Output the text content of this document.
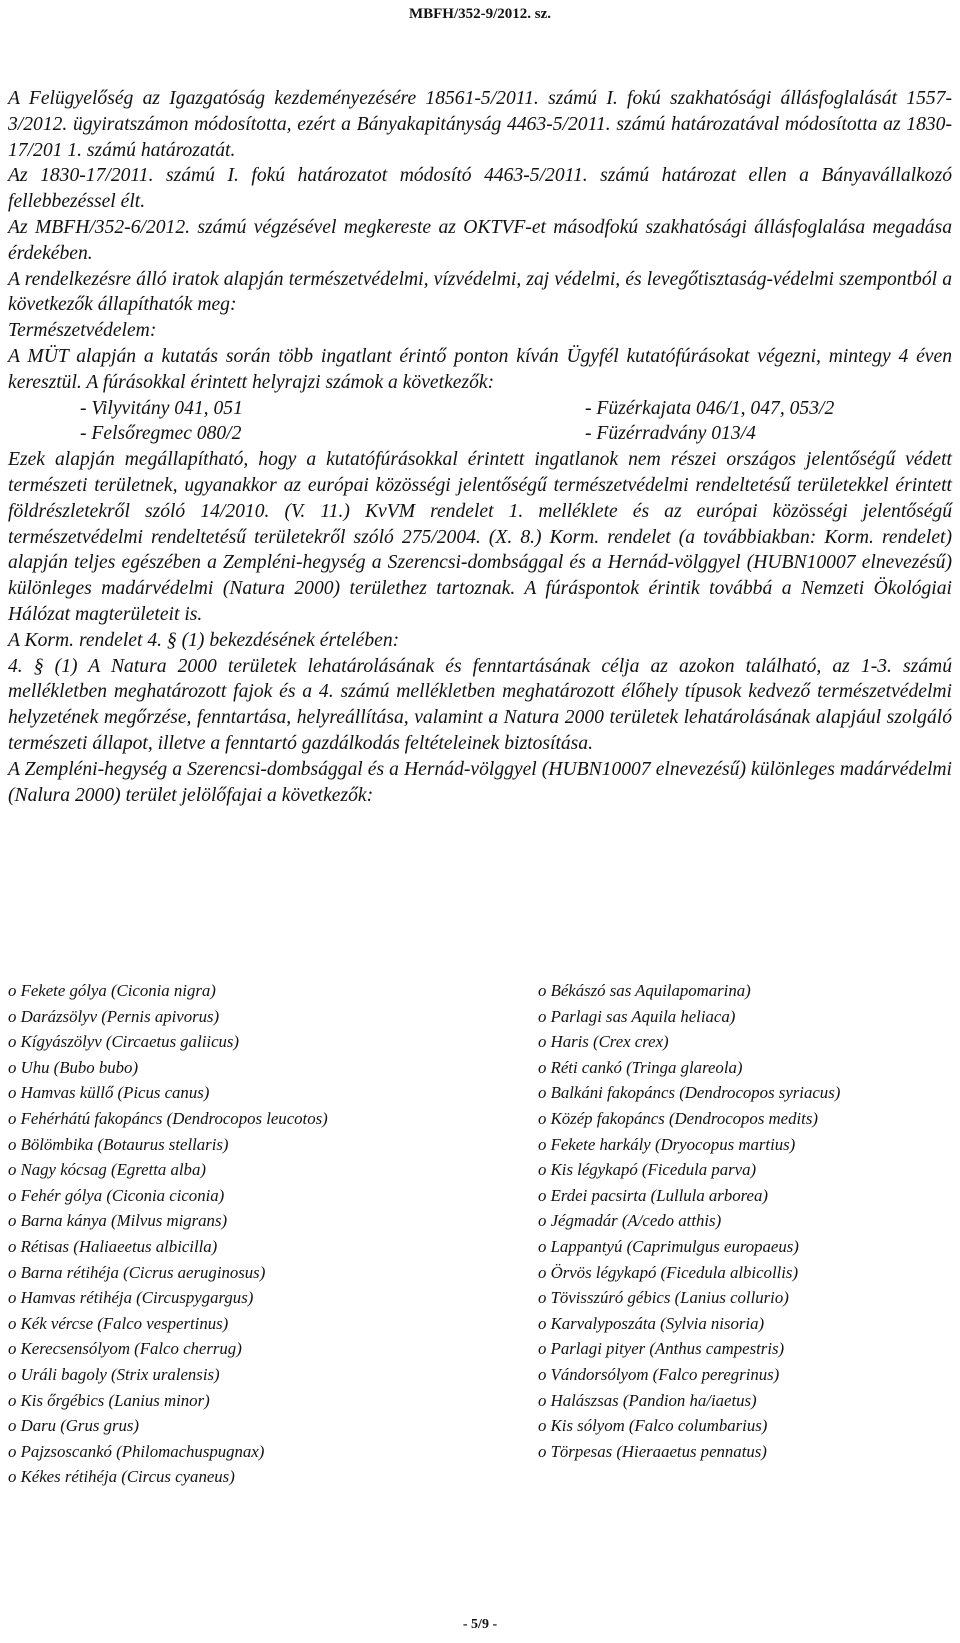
MBFH/352-9/2012. sz.

A Felügyelőség az Igazgatóság kezdeményezésére 18561-5/2011. számú I. fokú szakhatósági állásfoglalását 1557-3/2012. ügyiratszámon módosította, ezért a Bányakapitányság 4463-5/2011. számú határozatával módosította az 1830-17/201 1. számú határozatát.

Az 1830-17/2011. számú I. fokú határozatot módosító 4463-5/2011. számú határozat ellen a Bányavállalkozó fellebbezéssel élt.

Az MBFH/352-6/2012. számú végzésével megkereste az OKTVF-et másodfokú szakhatósági állásfoglalása megadása érdekében.

A rendelkezésre álló iratok alapján természetvédelmi, vízvédelmi, zaj védelmi, és levegőtisztaság-védelmi szempontból a következők állapíthatók meg:

Természetvédelem:

A MÜT alapján a kutatás során több ingatlant érintő ponton kíván Ügyfél kutatófúrásokat végezni, mintegy 4 éven keresztül. A fúrásokkal érintett helyrajzi számok a következők:

- Vilyvitány 041, 051	- Füzérkajata 046/1, 047, 053/2
- Felsőregmec 080/2	- Füzérradvány 013/4

Ezek alapján megállapítható, hogy a kutatófúrásokkal érintett ingatlanok nem részei országos jelentőségű védett természeti területnek, ugyanakkor az európai közösségi jelentőségű természetvédelmi rendeltetésű területekkel érintett földrészletekről szóló 14/2010. (V. 11.) KvVM rendelet 1. melléklete és az európai közösségi jelentőségű természetvédelmi rendeltetésű területekről szóló 275/2004. (X. 8.) Korm. rendelet (a továbbiakban: Korm. rendelet) alapján teljes egészében a Zempléni-hegység a Szerencsi-dombsággal és a Hernád-völggyel (HUBN10007 elnevezésű) különleges madárvédelmi (Natura 2000) területhez tartoznak. A fúráspontok érintik továbbá a Nemzeti Ökológiai Hálózat magterületeit is.

A Korm. rendelet 4. § (1) bekezdésének értelében:

4. § (1) A Natura 2000 területek lehatárolásának és fenntartásának célja az azokon található, az 1-3. számú mellékletben meghatározott fajok és a 4. számú mellékletben meghatározott élőhely típusok kedvező természetvédelmi helyzetének megőrzése, fenntartása, helyreállítása, valamint a Natura 2000 területek lehatárolásának alapjául szolgáló természeti állapot, illetve a fenntartó gazdálkodás feltételeinek biztosítása.

A Zempléni-hegység a Szerencsi-dombsággal és a Hernád-völggyel (HUBN10007 elnevezésű) különleges madárvédelmi (Nalura 2000) terület jelölőfajai a következők:

o Fekete gólya (Ciconia nigra)
o Darázsölyv (Pernis apivorus)
o Kígyászölyv (Circaetus galiicus)
o Uhu (Bubo bubo)
o Hamvas küllő (Picus canus)
o Fehérhátú fakopáncs (Dendrocopos leucotos)
o Bölömbika (Botaurus stellaris)
o Nagy kócsag (Egretta alba)
o Fehér gólya (Ciconia ciconia)
o Barna kánya (Milvus migrans)
o Rétisas (Haliaeetus albicilla)
o Barna rétihéja (Cicrus aeruginosus)
o Hamvas rétihéja (Circuspygargus)
o Kék vércse (Falco vespertinus)
o Kerecsensólyom (Falco cherrug)
o Uráli bagoly (Strix uralensis)
o Kis őrgébics (Lanius minor)
o Daru (Grus grus)
o Pajzsoscankó (Philomachuspugnax)
o Kékes rétihéja (Circus cyaneus)
o Békászó sas Aquilapomarina)
o Parlagi sas Aquila heliaca)
o Haris (Crex crex)
o Réti cankó (Tringa glareola)
o Balkáni fakopáncs (Dendrocopos syriacus)
o Közép fakopáncs (Dendrocopos medits)
o Fekete harkály (Dryocopus martius)
o Kis légykapó (Ficedula parva)
o Erdei pacsirta (Lullula arborea)
o Jégmadár (A/cedo atthis)
o Lappantyú (Caprimulgus europaeus)
o Örvös légykapó (Ficedula albicollis)
o Tövisszúró gébics (Lanius collurio)
o Karvalyposzáta (Sylvia nisoria)
o Parlagi pityer (Anthus campestris)
o Vándorsólyom (Falco peregrinus)
o Halászsas (Pandion ha/iaetus)
o Kis sólyom (Falco columbarius)
o Törpesas (Hieraaetus pennatus)
- 5/9 -
